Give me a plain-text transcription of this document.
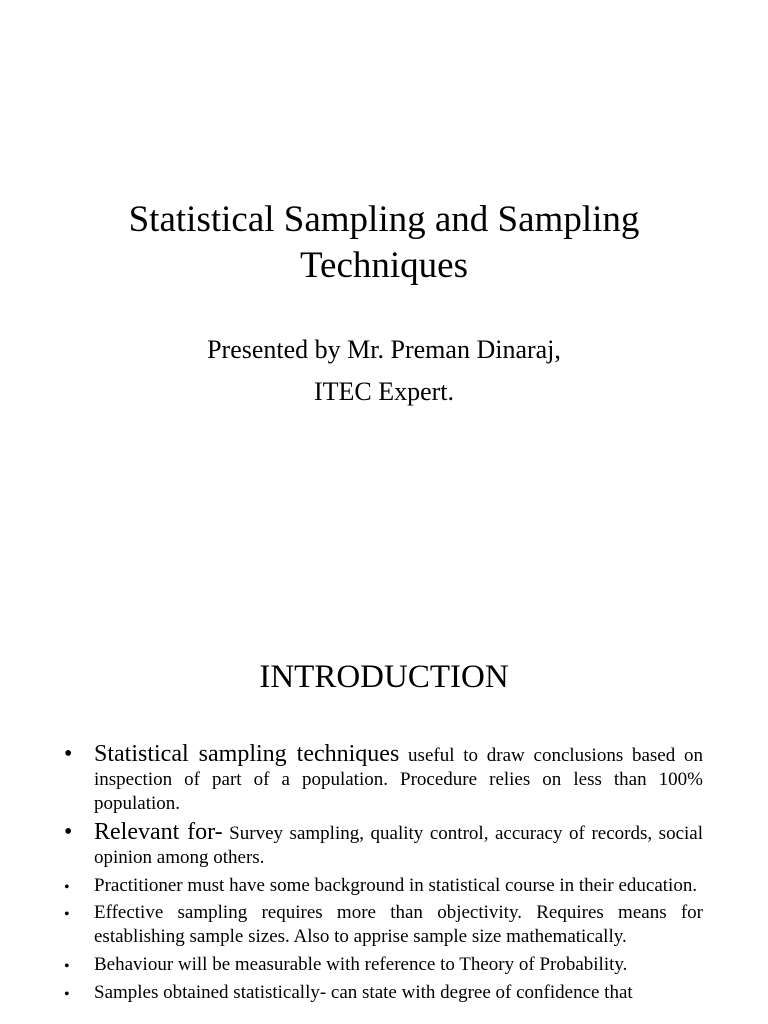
Statistical Sampling and Sampling
Techniques
Presented by Mr. Preman Dinaraj,
ITEC Expert.
INTRODUCTION
• Statistical sampling techniques useful to draw conclusions based on inspection of part of a population. Procedure relies on less than 100% population.
• Relevant for- Survey sampling, quality control, accuracy of records, social opinion among others.
• Practitioner must have some background in statistical course in their education.
• Effective sampling requires more than objectivity. Requires means for establishing sample sizes. Also to apprise sample size mathematically.
• Behaviour will be measurable with reference to Theory of Probability.
• Samples obtained statistically- can state with degree of confidence that
